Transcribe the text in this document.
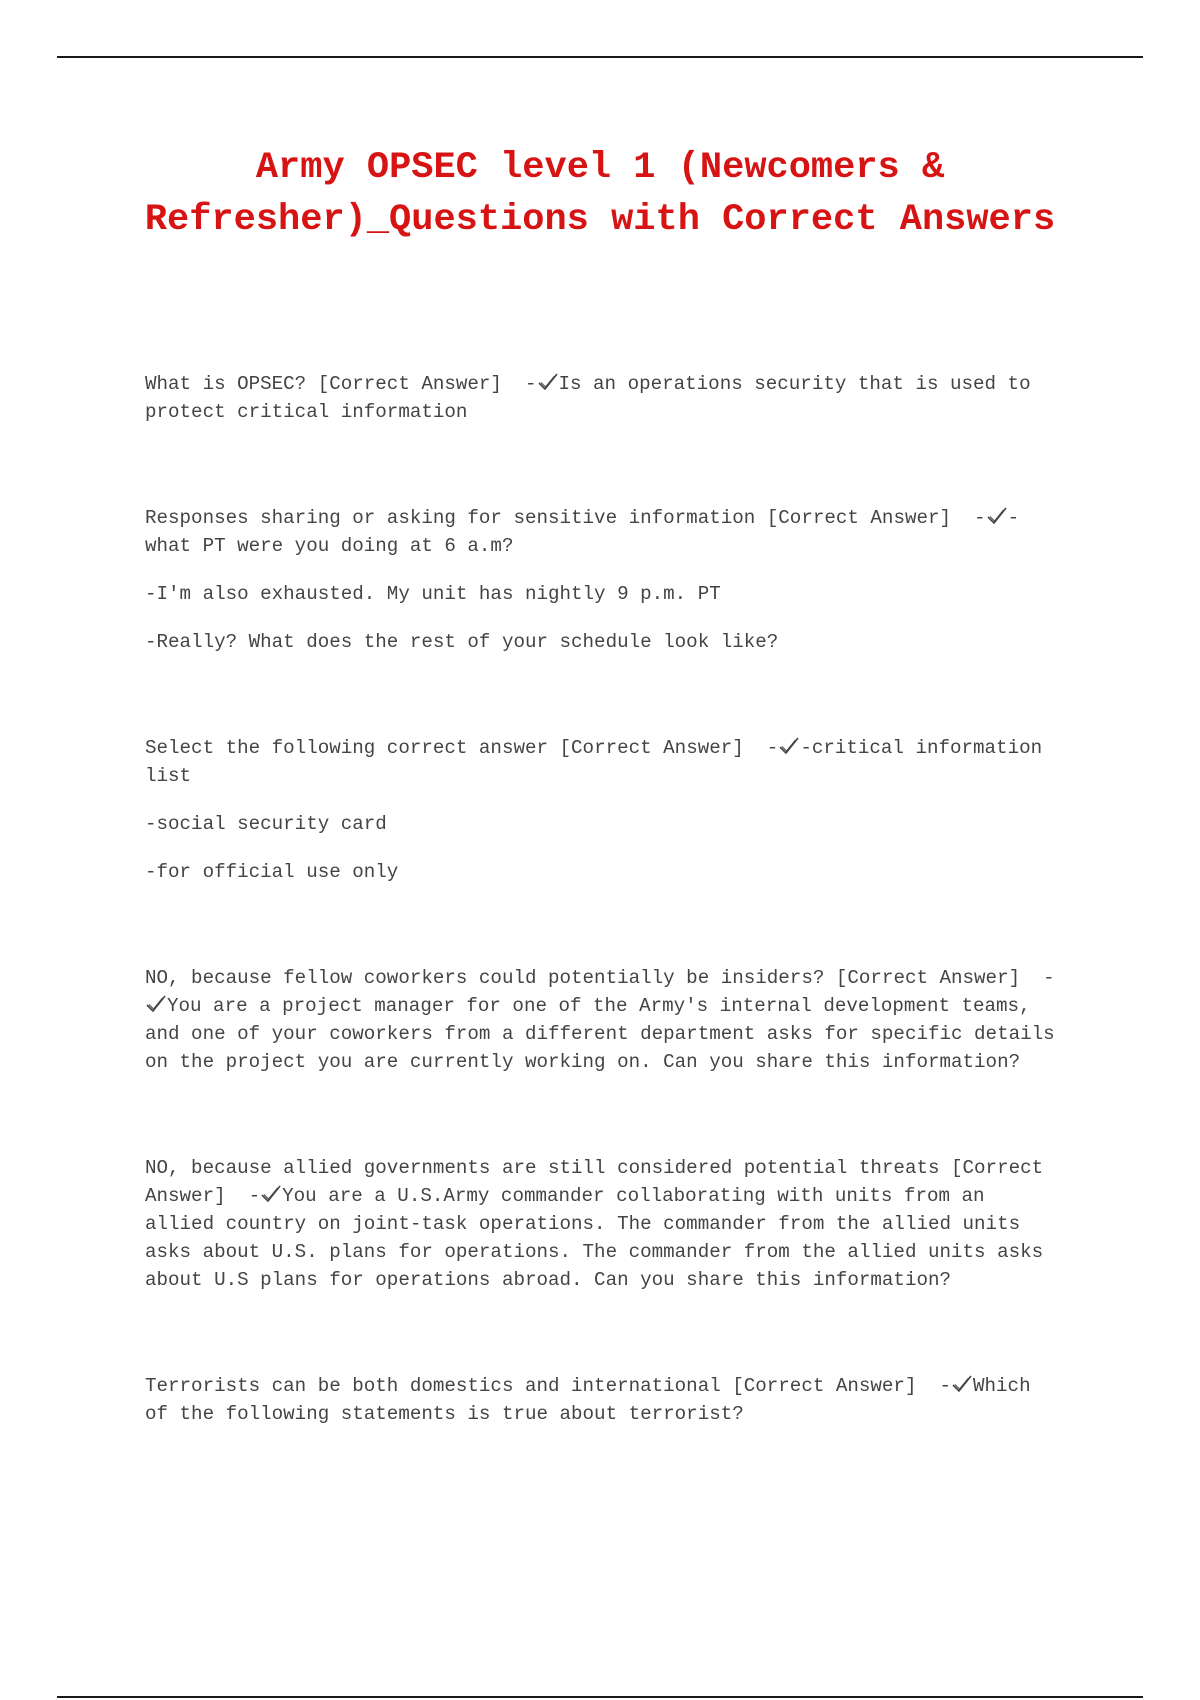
Army OPSEC level 1 (Newcomers & Refresher)_Questions with Correct Answers

What is OPSEC? [Correct Answer] - Is an operations security that is used to protect critical information

Responses sharing or asking for sensitive information [Correct Answer] - -what PT were you doing at 6 a.m?

-I'm also exhausted. My unit has nightly 9 p.m. PT

-Really? What does the rest of your schedule look like?

Select the following correct answer [Correct Answer] - -critical information list

-social security card

-for official use only

NO, because fellow coworkers could potentially be insiders? [Correct Answer] -
You are a project manager for one of the Army's internal development teams, and one of your coworkers from a different department asks for specific details on the project you are currently working on. Can you share this information?

NO, because allied governments are still considered potential threats [Correct Answer] - You are a U.S.Army commander collaborating with units from an allied country on joint-task operations. The commander from the allied units asks about U.S. plans for operations. The commander from the allied units asks about U.S plans for operations abroad. Can you share this information?

Terrorists can be both domestics and international [Correct Answer] - Which of the following statements is true about terrorist?
